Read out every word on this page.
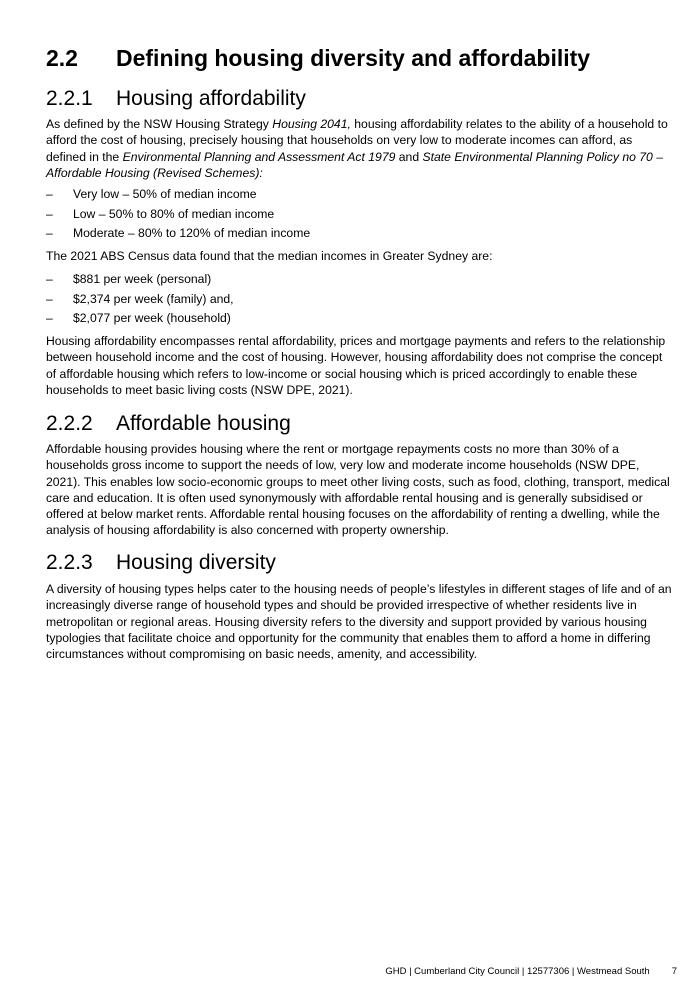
2.2 Defining housing diversity and affordability
2.2.1 Housing affordability
As defined by the NSW Housing Strategy Housing 2041, housing affordability relates to the ability of a household to afford the cost of housing, precisely housing that households on very low to moderate incomes can afford, as defined in the Environmental Planning and Assessment Act 1979 and State Environmental Planning Policy no 70 – Affordable Housing (Revised Schemes):
– Very low – 50% of median income
– Low – 50% to 80% of median income
– Moderate – 80% to 120% of median income
The 2021 ABS Census data found that the median incomes in Greater Sydney are:
– $881 per week (personal)
– $2,374 per week (family) and,
– $2,077 per week (household)
Housing affordability encompasses rental affordability, prices and mortgage payments and refers to the relationship between household income and the cost of housing. However, housing affordability does not comprise the concept of affordable housing which refers to low-income or social housing which is priced accordingly to enable these households to meet basic living costs (NSW DPE, 2021).
2.2.2 Affordable housing
Affordable housing provides housing where the rent or mortgage repayments costs no more than 30% of a households gross income to support the needs of low, very low and moderate income households (NSW DPE, 2021). This enables low socio-economic groups to meet other living costs, such as food, clothing, transport, medical care and education. It is often used synonymously with affordable rental housing and is generally subsidised or offered at below market rents. Affordable rental housing focuses on the affordability of renting a dwelling, while the analysis of housing affordability is also concerned with property ownership.
2.2.3 Housing diversity
A diversity of housing types helps cater to the housing needs of people’s lifestyles in different stages of life and of an increasingly diverse range of household types and should be provided irrespective of whether residents live in metropolitan or regional areas. Housing diversity refers to the diversity and support provided by various housing typologies that facilitate choice and opportunity for the community that enables them to afford a home in differing circumstances without compromising on basic needs, amenity, and accessibility.
GHD | Cumberland City Council | 12577306 | Westmead South 7
